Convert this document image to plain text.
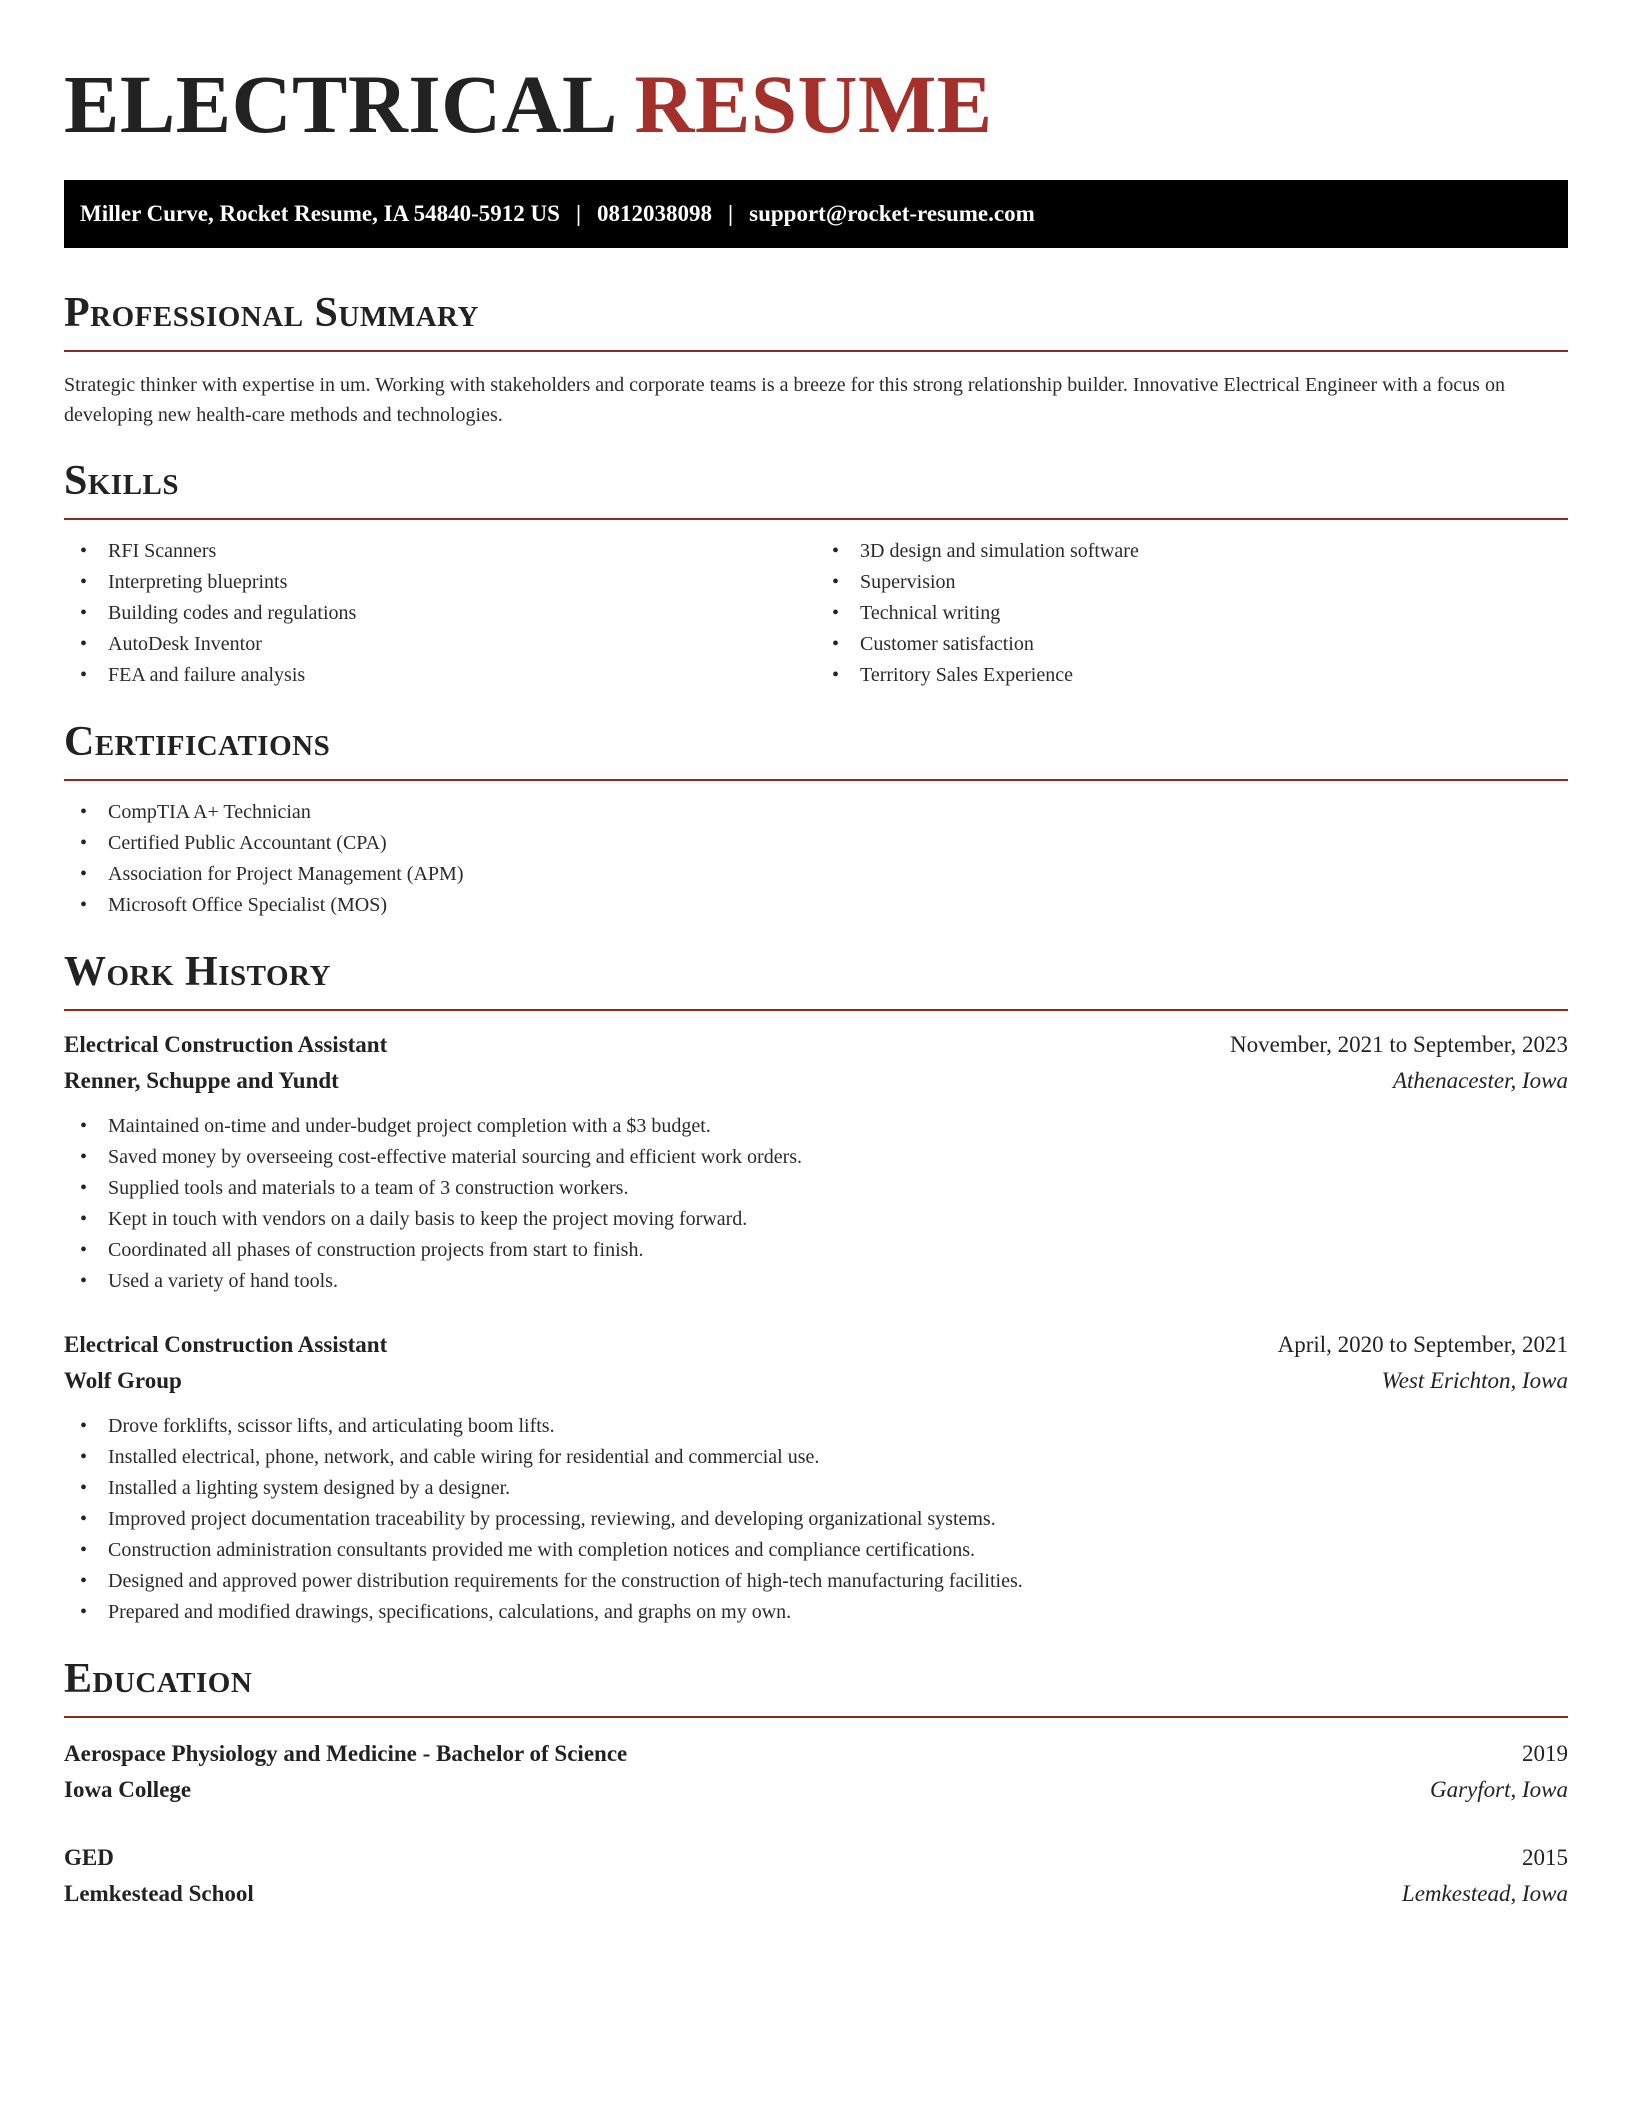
ELECTRICAL RESUME
Miller Curve, Rocket Resume, IA 54840-5912 US | 0812038098 | support@rocket-resume.com
Professional Summary

Strategic thinker with expertise in um. Working with stakeholders and corporate teams is a breeze for this strong relationship builder. Innovative Electrical Engineer with a focus on developing new health-care methods and technologies.

Skills
• RFI Scanners
• Interpreting blueprints
• Building codes and regulations
• AutoDesk Inventor
• FEA and failure analysis
• 3D design and simulation software
• Supervision
• Technical writing
• Customer satisfaction
• Territory Sales Experience
Certifications
• CompTIA A+ Technician
• Certified Public Accountant (CPA)
• Association for Project Management (APM)
• Microsoft Office Specialist (MOS)
Work History
Electrical Construction Assistant	November, 2021 to September, 2023
Renner, Schuppe and Yundt	Athenacester, Iowa
• Maintained on-time and under-budget project completion with a $3 budget.
• Saved money by overseeing cost-effective material sourcing and efficient work orders.
• Supplied tools and materials to a team of 3 construction workers.
• Kept in touch with vendors on a daily basis to keep the project moving forward.
• Coordinated all phases of construction projects from start to finish.
• Used a variety of hand tools.
Electrical Construction Assistant	April, 2020 to September, 2021
Wolf Group	West Erichton, Iowa
• Drove forklifts, scissor lifts, and articulating boom lifts.
• Installed electrical, phone, network, and cable wiring for residential and commercial use.
• Installed a lighting system designed by a designer.
• Improved project documentation traceability by processing, reviewing, and developing organizational systems.
• Construction administration consultants provided me with completion notices and compliance certifications.
• Designed and approved power distribution requirements for the construction of high-tech manufacturing facilities.
• Prepared and modified drawings, specifications, calculations, and graphs on my own.
Education
Aerospace Physiology and Medicine - Bachelor of Science	2019
Iowa College	Garyfort, Iowa
GED	2015
Lemkestead School	Lemkestead, Iowa
